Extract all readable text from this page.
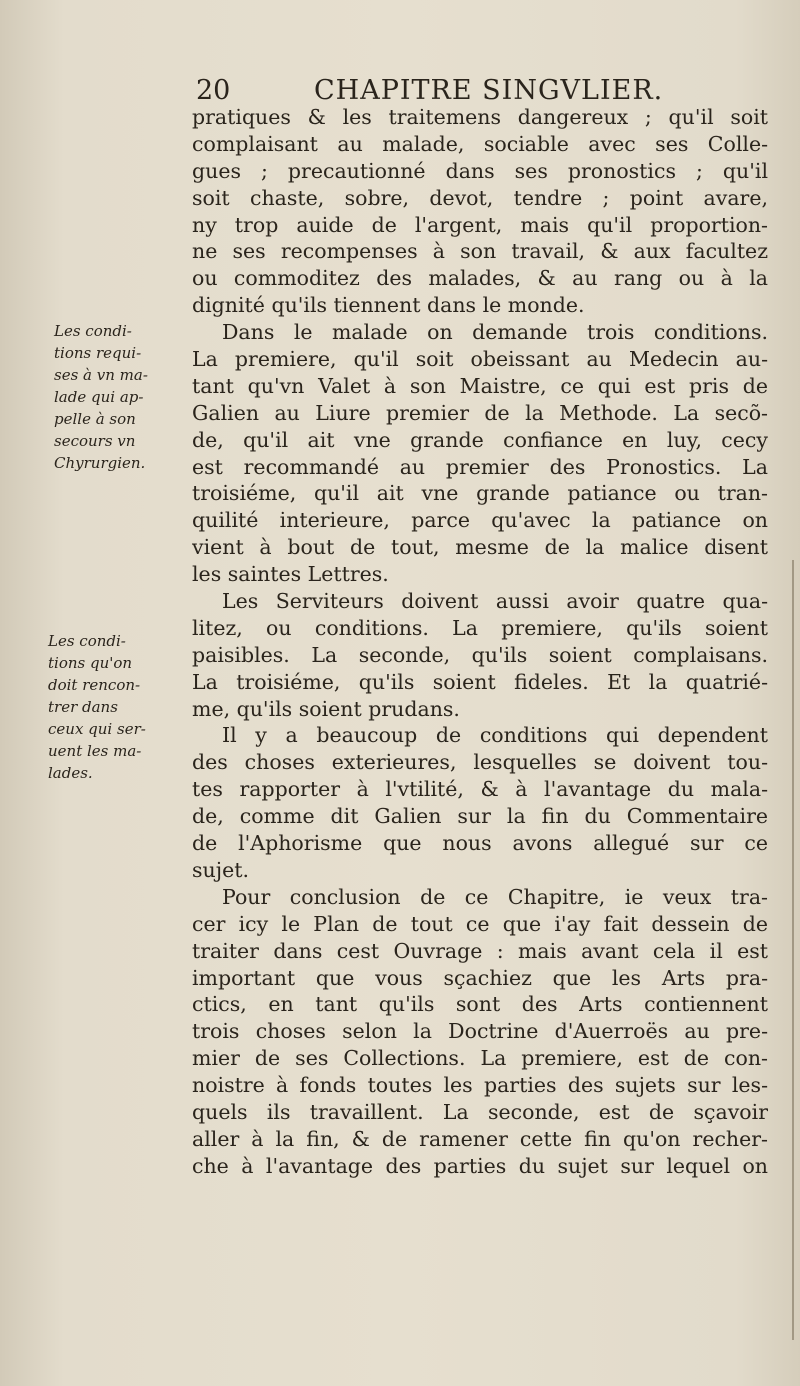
20	CHAPITRE SINGVLIER.
Les condi-
tions requi-
ses à vn ma-
lade qui ap-
pelle à son
secours vn
Chyrurgien.
Les condi-
tions qu'on
doit rencon-
trer dans
ceux qui ser-
uent les ma-
lades.
pratiques & les traitemens dangereux ; qu'il soit
complaisant au malade, sociable avec ses Colle-
gues ; precautionné dans ses pronostics ; qu'il
soit chaste, sobre, devot, tendre ; point avare,
ny trop auide de l'argent, mais qu'il proportion-
ne ses recompenses à son travail, & aux facultez
ou commoditez des malades, & au rang ou à la
dignité qu'ils tiennent dans le monde.
Dans le malade on demande trois conditions.
La premiere, qu'il soit obeissant au Medecin au-
tant qu'vn Valet à son Maistre, ce qui est pris de
Galien au Liure premier de la Methode. La secõ-
de, qu'il ait vne grande confiance en luy, cecy
est recommandé au premier des Pronostics. La
troisiéme, qu'il ait vne grande patiance ou tran-
quilité interieure, parce qu'avec la patiance on
vient à bout de tout, mesme de la malice disent
les saintes Lettres.
Les Serviteurs doivent aussi avoir quatre qua-
litez, ou conditions. La premiere, qu'ils soient
paisibles. La seconde, qu'ils soient complaisans.
La troisiéme, qu'ils soient fideles. Et la quatrié-
me, qu'ils soient prudans.
Il y a beaucoup de conditions qui dependent
des choses exterieures, lesquelles se doivent tou-
tes rapporter à l'vtilité, & à l'avantage du mala-
de, comme dit Galien sur la fin du Commentaire
de l'Aphorisme que nous avons allegué sur ce
sujet.
Pour conclusion de ce Chapitre, ie veux tra-
cer icy le Plan de tout ce que i'ay fait dessein de
traiter dans cest Ouvrage : mais avant cela il est
important que vous sçachiez que les Arts pra-
ctics, en tant qu'ils sont des Arts contiennent
trois choses selon la Doctrine d'Auerroës au pre-
mier de ses Collections. La premiere, est de con-
noistre à fonds toutes les parties des sujets sur les-
quels ils travaillent. La seconde, est de sçavoir
aller à la fin, & de ramener cette fin qu'on recher-
che à l'avantage des parties du sujet sur lequel on
